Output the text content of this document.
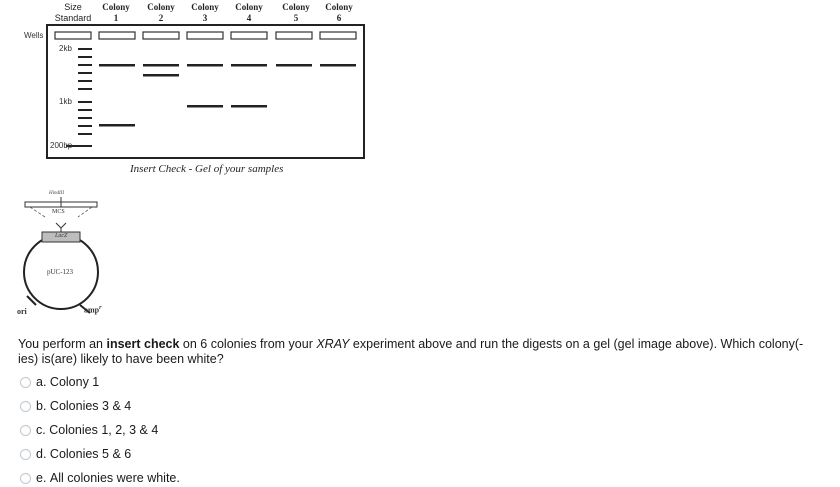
Size
Standard
Colony
1
Colony
2
Colony
3
Colony
4
Colony
5
Colony
6
Wells
2kb
1kb
200bp
Insert Check - Gel of your samples
HindIII
MCS
LacZ
pUC-123
ori	amp$^r$
You perform an insert check on 6 colonies from your XRAY experiment above and run the digests on a gel (gel image above). Which colony(-ies) is(are) likely to have been white?
a.
Colony 1
b.
Colonies 3 & 4
c.
Colonies 1, 2, 3 & 4
d.
Colonies 5 & 6
e.
All colonies were white.
